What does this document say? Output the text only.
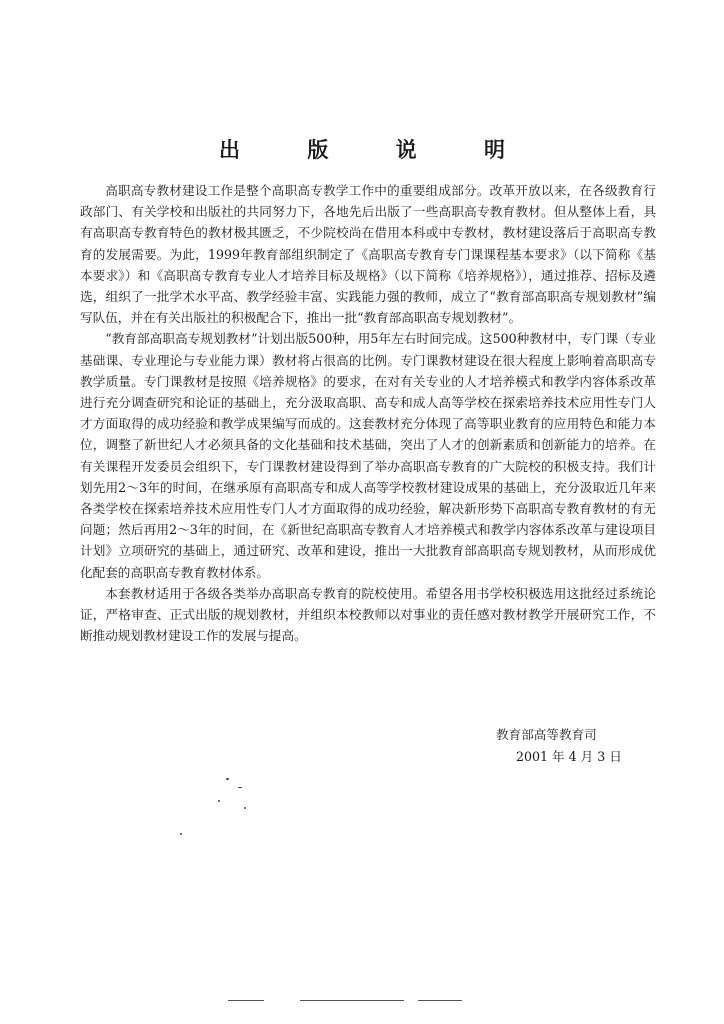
出 版 说 明

高职高专教材建设工作是整个高职高专教学工作中的重要组成部分。改革开放以来，在各级教育行政部门、有关学校和出版社的共同努力下，各地先后出版了一些高职高专教育教材。但从整体上看，具有高职高专教育特色的教材极其匮乏，不少院校尚在借用本科或中专教材，教材建设落后于高职高专教育的发展需要。为此，1999年教育部组织制定了《高职高专教育专门课课程基本要求》（以下简称《基本要求》）和《高职高专教育专业人才培养目标及规格》（以下简称《培养规格》），通过推荐、招标及遴选，组织了一批学术水平高、教学经验丰富、实践能力强的教师，成立了“教育部高职高专规划教材”编写队伍，并在有关出版社的积极配合下，推出一批“教育部高职高专规划教材”。

“教育部高职高专规划教材”计划出版500种，用5年左右时间完成。这500种教材中，专门课（专业基础课、专业理论与专业能力课）教材将占很高的比例。专门课教材建设在很大程度上影响着高职高专教学质量。专门课教材是按照《培养规格》的要求，在对有关专业的人才培养模式和教学内容体系改革进行充分调查研究和论证的基础上，充分汲取高职、高专和成人高等学校在探索培养技术应用性专门人才方面取得的成功经验和教学成果编写而成的。这套教材充分体现了高等职业教育的应用特色和能力本位，调整了新世纪人才必须具备的文化基础和技术基础，突出了人才的创新素质和创新能力的培养。在有关课程开发委员会组织下，专门课教材建设得到了举办高职高专教育的广大院校的积极支持。我们计划先用2～3年的时间，在继承原有高职高专和成人高等学校教材建设成果的基础上，充分汲取近几年来各类学校在探索培养技术应用性专门人才方面取得的成功经验，解决新形势下高职高专教育教材的有无问题；然后再用2～3年的时间，在《新世纪高职高专教育人才培养模式和教学内容体系改革与建设项目计划》立项研究的基础上，通过研究、改革和建设，推出一大批教育部高职高专规划教材，从而形成优化配套的高职高专教育教材体系。

本套教材适用于各级各类举办高职高专教育的院校使用。希望各用书学校积极选用这批经过系统论证，严格审查、正式出版的规划教材，并组织本校教师以对事业的责任感对教材教学开展研究工作，不断推动规划教材建设工作的发展与提高。

教育部高等教育司
2001 年 4 月 3 日
